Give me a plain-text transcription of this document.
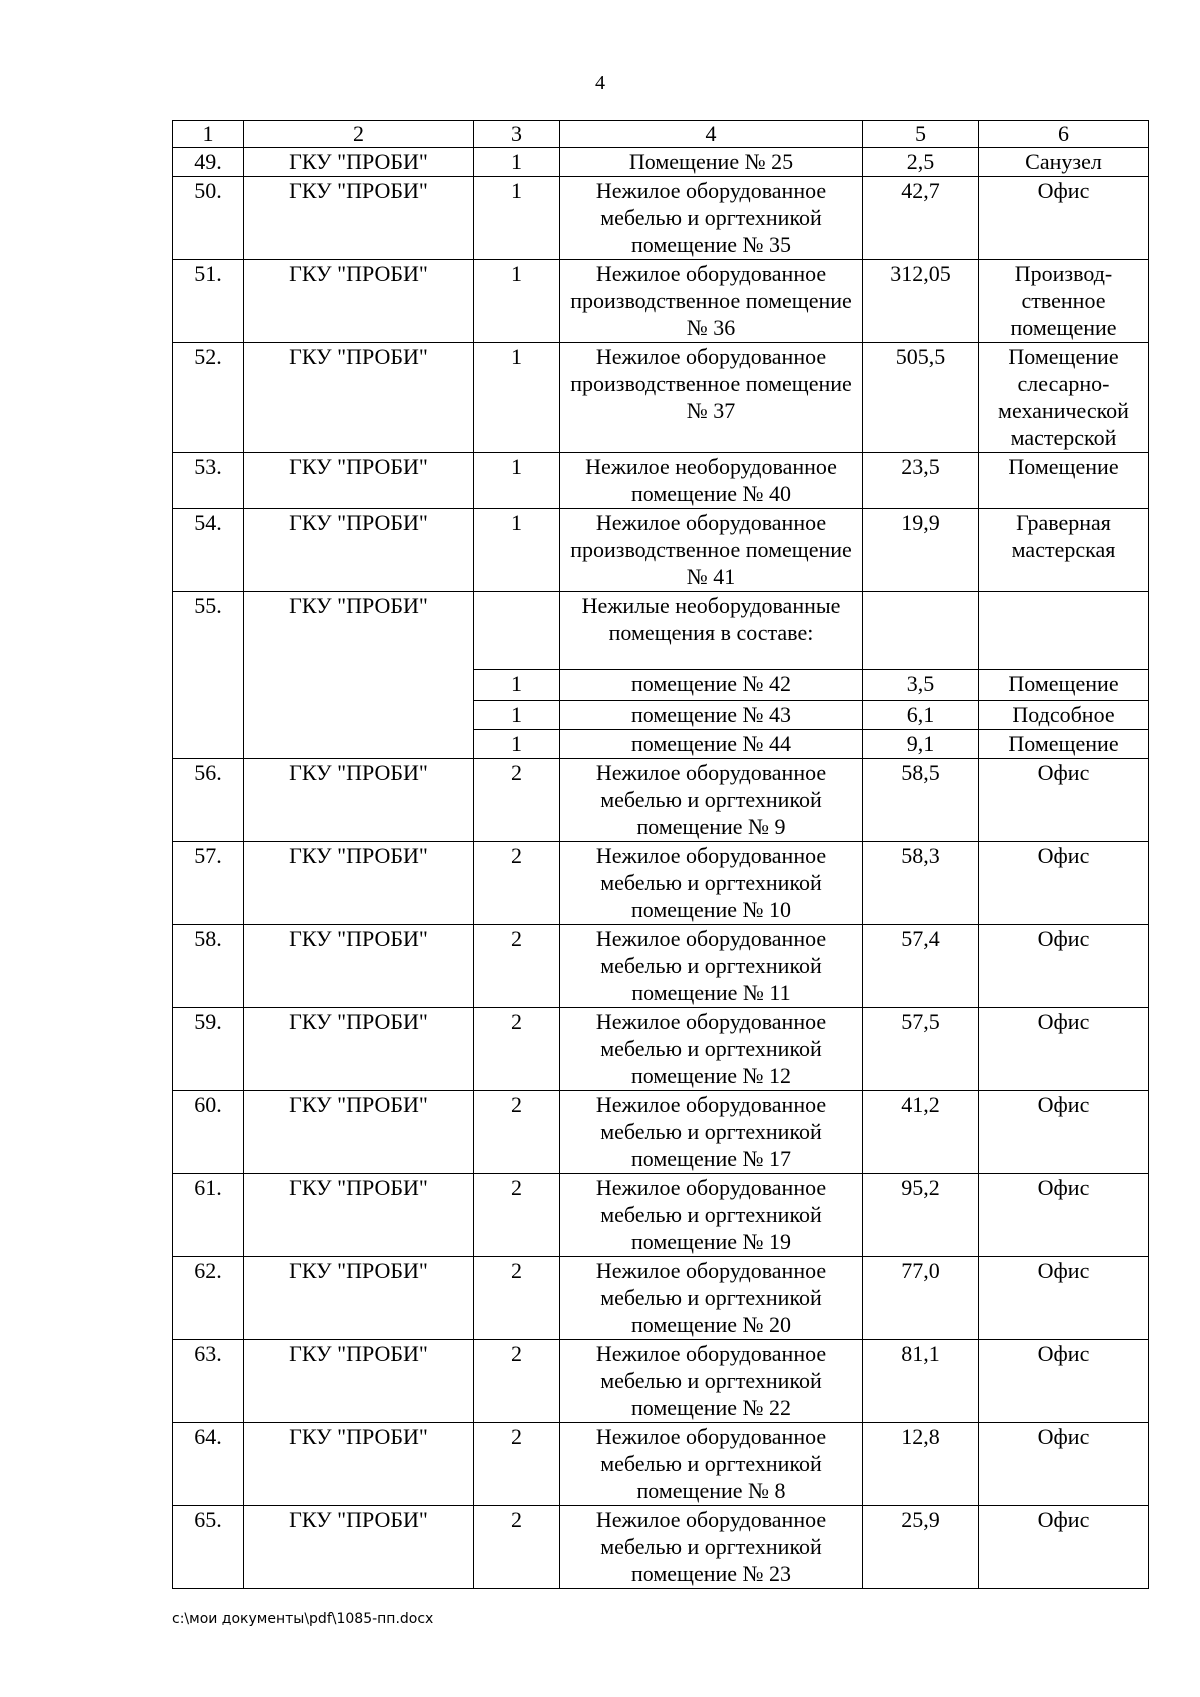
4
1	2	3	4	5	6
49.	ГКУ "ПРОБИ"	1	Помещение № 25	2,5	Санузел
50.	ГКУ "ПРОБИ"	1	Нежилое оборудованное мебелью и оргтехникой помещение № 35	42,7	Офис
51.	ГКУ "ПРОБИ"	1	Нежилое оборудованное производственное помещение № 36	312,05	Производ-ственное помещение
52.	ГКУ "ПРОБИ"	1	Нежилое оборудованное производственное помещение № 37	505,5	Помещение слесарно-механической мастерской
53.	ГКУ "ПРОБИ"	1	Нежилое необорудованное помещение № 40	23,5	Помещение
54.	ГКУ "ПРОБИ"	1	Нежилое оборудованное производственное помещение № 41	19,9	Граверная мастерская
55.	ГКУ "ПРОБИ"		Нежилые необорудованные помещения в составе:		
		1	помещение № 42	3,5	Помещение
		1	помещение № 43	6,1	Подсобное
		1	помещение № 44	9,1	Помещение
56.	ГКУ "ПРОБИ"	2	Нежилое оборудованное мебелью и оргтехникой помещение № 9	58,5	Офис
57.	ГКУ "ПРОБИ"	2	Нежилое оборудованное мебелью и оргтехникой помещение № 10	58,3	Офис
58.	ГКУ "ПРОБИ"	2	Нежилое оборудованное мебелью и оргтехникой помещение № 11	57,4	Офис
59.	ГКУ "ПРОБИ"	2	Нежилое оборудованное мебелью и оргтехникой помещение № 12	57,5	Офис
60.	ГКУ "ПРОБИ"	2	Нежилое оборудованное мебелью и оргтехникой помещение № 17	41,2	Офис
61.	ГКУ "ПРОБИ"	2	Нежилое оборудованное мебелью и оргтехникой помещение № 19	95,2	Офис
62.	ГКУ "ПРОБИ"	2	Нежилое оборудованное мебелью и оргтехникой помещение № 20	77,0	Офис
63.	ГКУ "ПРОБИ"	2	Нежилое оборудованное мебелью и оргтехникой помещение № 22	81,1	Офис
64.	ГКУ "ПРОБИ"	2	Нежилое оборудованное мебелью и оргтехникой помещение № 8	12,8	Офис
65.	ГКУ "ПРОБИ"	2	Нежилое оборудованное мебелью и оргтехникой помещение № 23	25,9	Офис
c:\мои документы\pdf\1085-пп.docx
